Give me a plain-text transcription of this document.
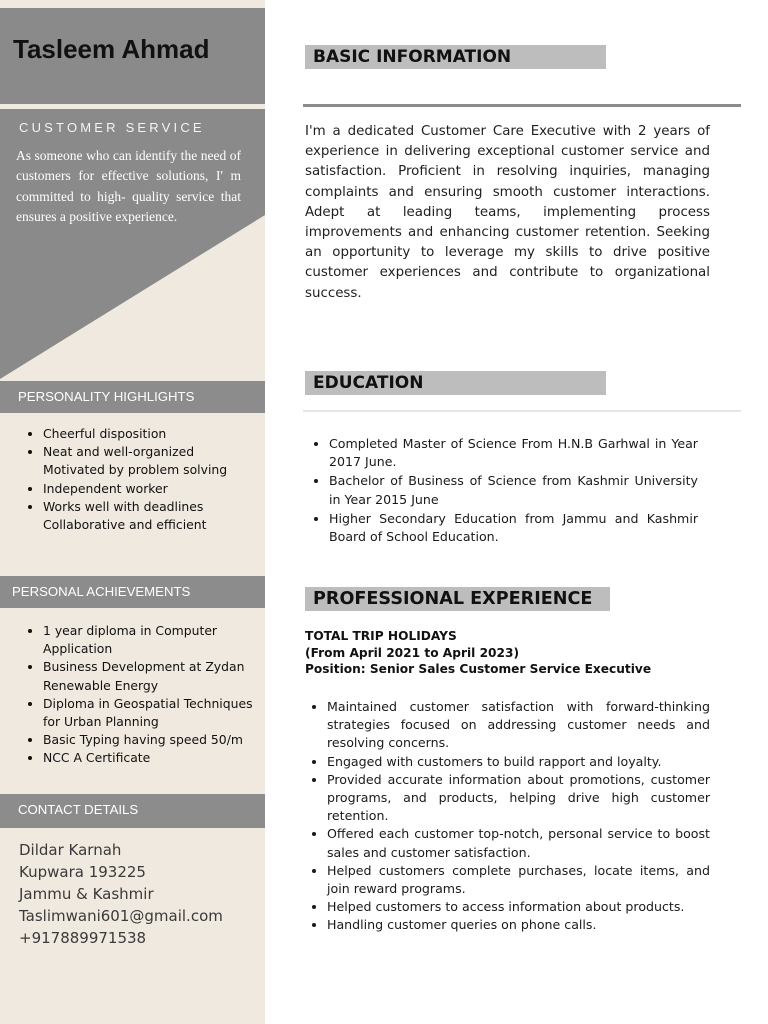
Tasleem Ahmad

CUSTOMER SERVICE

As someone who can identify the need of customers for effective solutions, I' m committed to high- quality service that ensures a positive experience.

PERSONALITY HIGHLIGHTS
• Cheerful disposition
• Neat and well-organized Motivated by problem solving
• Independent worker
• Works well with deadlines Collaborative and efficient
PERSONAL ACHIEVEMENTS
• 1 year diploma in Computer Application
• Business Development at Zydan Renewable Energy
• Diploma in Geospatial Techniques for Urban Planning
• Basic Typing having speed 50/m
• NCC A Certificate
CONTACT DETAILS
Dildar Karnah
Kupwara 193225
Jammu & Kashmir
Taslimwani601@gmail.com
+917889971538
BASIC INFORMATION

I'm a dedicated Customer Care Executive with 2 years of experience in delivering exceptional customer service and satisfaction. Proficient in resolving inquiries, managing complaints and ensuring smooth customer interactions. Adept at leading teams, implementing process improvements and enhancing customer retention. Seeking an opportunity to leverage my skills to drive positive customer experiences and contribute to organizational success.

EDUCATION
• Completed Master of Science From H.N.B Garhwal in Year 2017 June.
• Bachelor of Business of Science from Kashmir University in Year 2015 June
• Higher Secondary Education from Jammu and Kashmir Board of School Education.
PROFESSIONAL EXPERIENCE
TOTAL TRIP HOLIDAYS
(From April 2021 to April 2023)
Position: Senior Sales Customer Service Executive
• Maintained customer satisfaction with forward-thinking strategies focused on addressing customer needs and resolving concerns.
• Engaged with customers to build rapport and loyalty.
• Provided accurate information about promotions, customer programs, and products, helping drive high customer retention.
• Offered each customer top-notch, personal service to boost sales and customer satisfaction.
• Helped customers complete purchases, locate items, and join reward programs.
• Helped customers to access information about products.
• Handling customer queries on phone calls.
